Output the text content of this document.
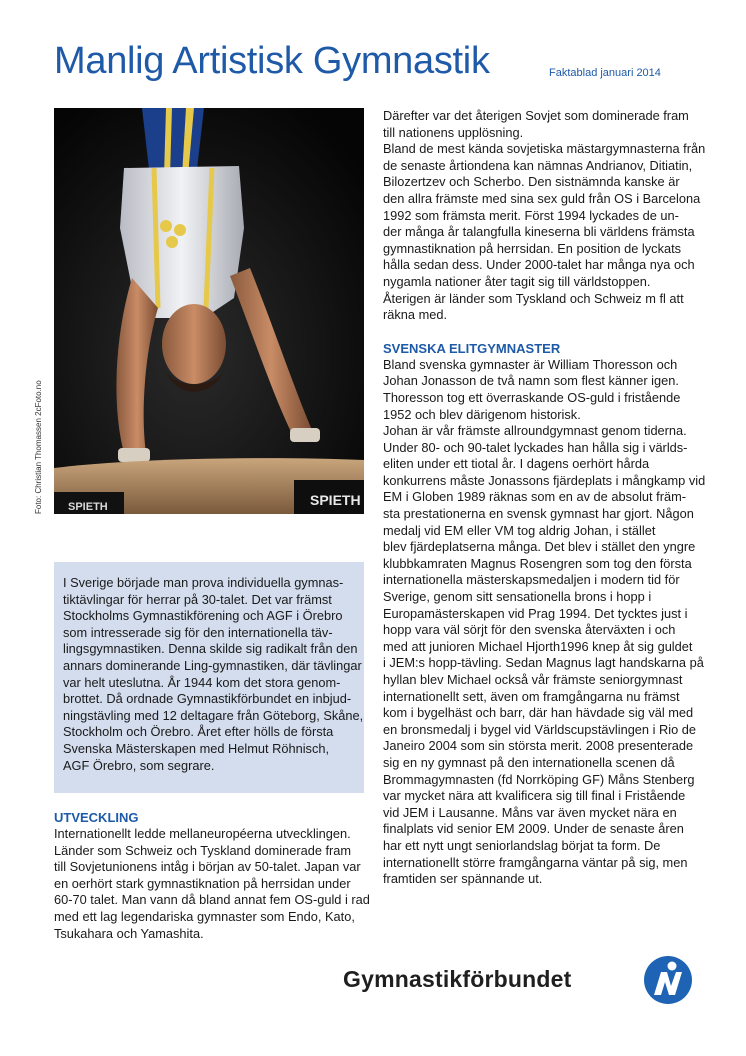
Manlig Artistisk Gymnastik	Faktablad januari 2014
SPIETH
SPIETH
Foto: Christian Thomassen 2cFoto.no
I Sverige började man prova individuella gymnas-
tiktävlingar för herrar på 30-talet. Det var främst
Stockholms Gymnastikförening och AGF i Örebro
som intresserade sig för den internationella täv-
lingsgymnastiken. Denna skilde sig radikalt från den
annars dominerande Ling-gymnastiken, där tävlingar
var helt uteslutna. År 1944 kom det stora genom-
brottet. Då ordnade Gymnastikförbundet en inbjud-
ningstävling med 12 deltagare från Göteborg, Skåne,
Stockholm och Örebro. Året efter hölls de första
Svenska Mästerskapen med Helmut Röhnisch,
AGF Örebro, som segrare.
UTVECKLING
Internationellt ledde mellaneuropéerna utvecklingen.
Länder som Schweiz och Tyskland dominerade fram
till Sovjetunionens intåg i början av 50-talet. Japan var
en oerhört stark gymnastiknation på herrsidan under
60-70 talet. Man vann då bland annat fem OS-guld i rad
med ett lag legendariska gymnaster som Endo, Kato,
Tsukahara och Yamashita.
Därefter var det återigen Sovjet som dominerade fram
till nationens upplösning.
Bland de mest kända sovjetiska mästargymnasterna från
de senaste årtiondena kan nämnas Andrianov, Ditiatin,
Bilozertzev och Scherbo. Den sistnämnda kanske är
den allra främste med sina sex guld från OS i Barcelona
1992 som främsta merit. Först 1994 lyckades de un-
der många år talangfulla kineserna bli världens främsta
gymnastiknation på herrsidan. En position de lyckats
hålla sedan dess. Under 2000-talet har många nya och
nygamla nationer åter tagit sig till världstoppen.
Återigen är länder som Tyskland och Schweiz m fl att
räkna med.
SVENSKA ELITGYMNASTER
Bland svenska gymnaster är William Thoresson och
Johan Jonasson de två namn som flest känner igen.
Thoresson tog ett överraskande OS-guld i fristående
1952 och blev därigenom historisk.
Johan är vår främste allroundgymnast genom tiderna.
Under 80- och 90-talet lyckades han hålla sig i världs-
eliten under ett tiotal år. I dagens oerhört hårda
konkurrens måste Jonassons fjärdeplats i mångkamp vid
EM i Globen 1989 räknas som en av de absolut främ-
sta prestationerna en svensk gymnast har gjort. Någon
medalj vid EM eller VM tog aldrig Johan, i stället
blev fjärdeplatserna många. Det blev i stället den yngre
klubbkamraten Magnus Rosengren som tog den första
internationella mästerskapsmedaljen i modern tid för
Sverige, genom sitt sensationella brons i hopp i
Europamästerskapen vid Prag 1994. Det tycktes just i
hopp vara väl sörjt för den svenska återväxten i och
med att junioren Michael Hjorth1996 knep åt sig guldet
i JEM:s hopp-tävling. Sedan Magnus lagt handskarna på
hyllan blev Michael också vår främste seniorgymnast
internationellt sett, även om framgångarna nu främst
kom i bygelhäst och barr, där han hävdade sig väl med
en bronsmedalj i bygel vid Världscupstävlingen i Rio de
Janeiro 2004 som sin största merit. 2008 presenterade
sig en ny gymnast på den internationella scenen då
Brommagymnasten (fd Norrköping GF) Måns Stenberg
var mycket nära att kvalificera sig till final i Fristående
vid JEM i Lausanne. Måns var även mycket nära en
finalplats vid senior EM 2009. Under de senaste åren
har ett nytt ungt seniorlandslag börjat ta form. De
internationellt större framgångarna väntar på sig, men
framtiden ser spännande ut.
Gymnastikförbundet
